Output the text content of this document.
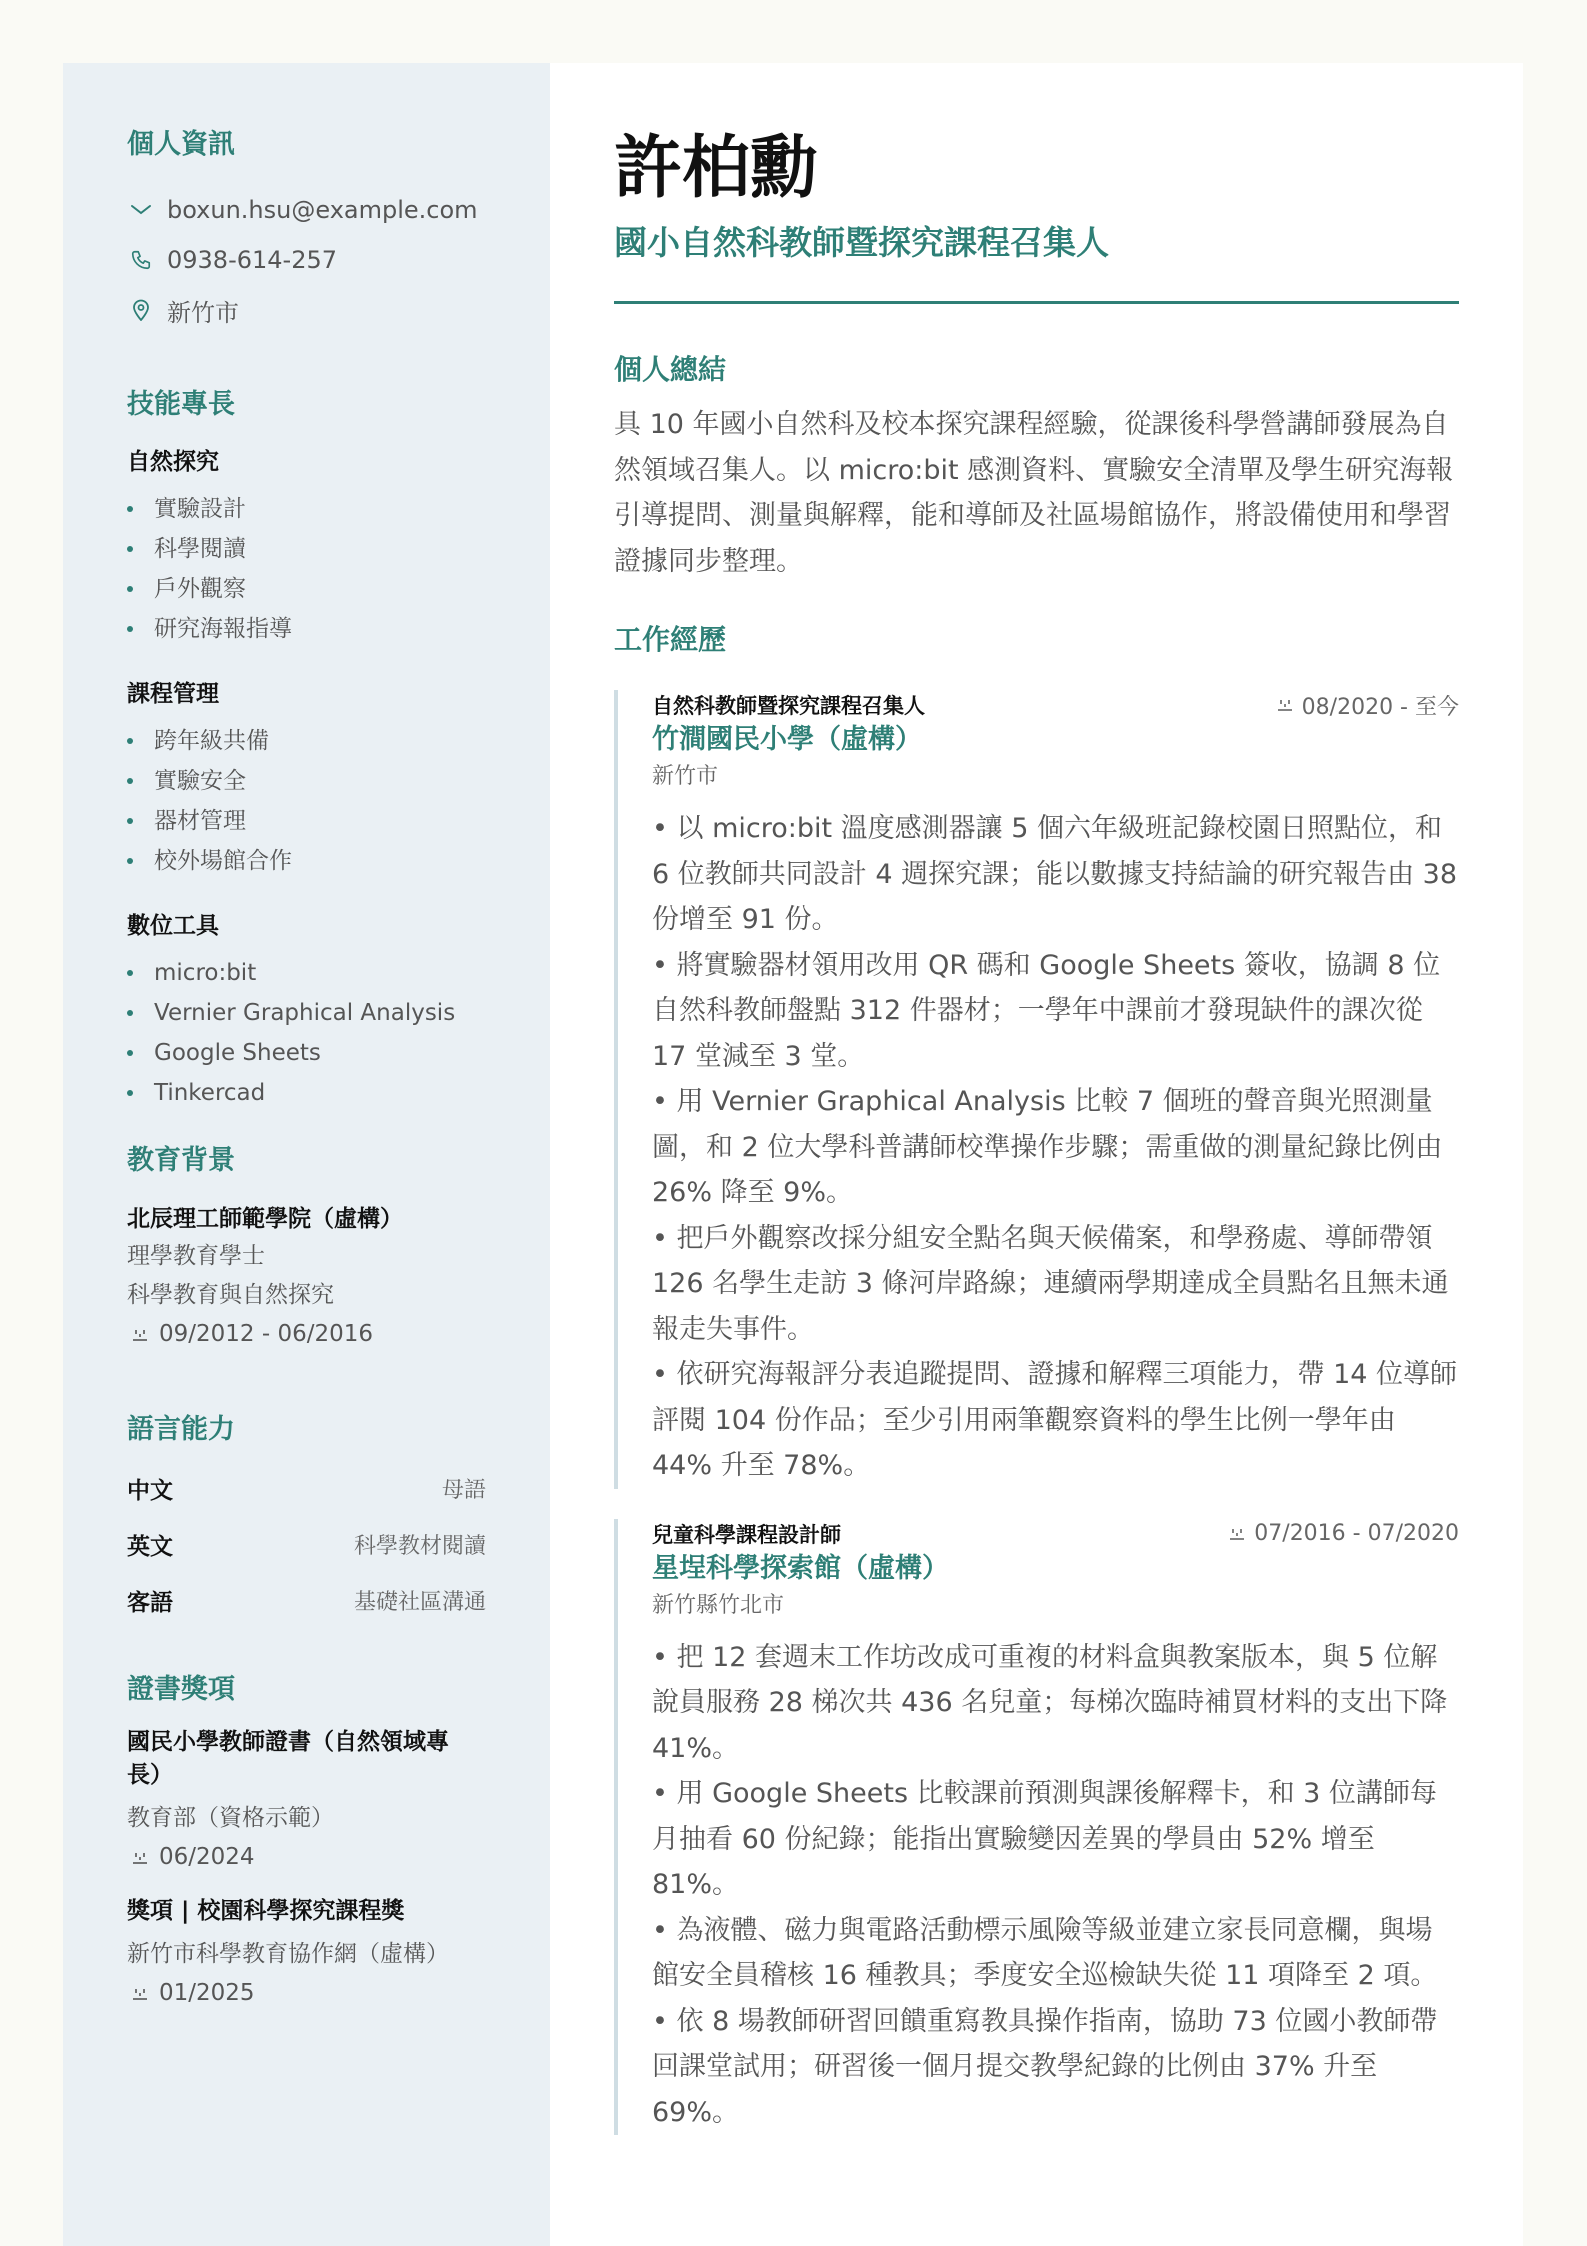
個人資訊
boxun.hsu@example.com
0938-614-257
新竹市
技能專長
自然探究
實驗設計
科學閱讀
戶外觀察
研究海報指導
課程管理
跨年級共備
實驗安全
器材管理
校外場館合作
數位工具
micro:bit
Vernier Graphical Analysis
Google Sheets
Tinkercad
教育背景
北辰理工師範學院（虛構）
理學教育學士
科學教育與自然探究
09/2012 - 06/2016
語言能力
中文	母語
英文	科學教材閱讀
客語	基礎社區溝通
證書獎項
國民小學教師證書（自然領域專長）
教育部（資格示範）
06/2024
獎項 | 校園科學探究課程獎
新竹市科學教育協作網（虛構）
01/2025
許柏勳
國小自然科教師暨探究課程召集人
個人總結
具 10 年國小自然科及校本探究課程經驗，從課後科學營講師發展為自然領域召集人。以 micro:bit 感測資料、實驗安全清單及學生研究海報引導提問、測量與解釋，能和導師及社區場館協作，將設備使用和學習證據同步整理。
工作經歷
自然科教師暨探究課程召集人	08/2020 - 至今
竹澗國民小學（虛構）
新竹市
• 以 micro:bit 溫度感測器讓 5 個六年級班記錄校園日照點位，和 6 位教師共同設計 4 週探究課；能以數據支持結論的研究報告由 38 份增至 91 份。
• 將實驗器材領用改用 QR 碼和 Google Sheets 簽收，協調 8 位自然科教師盤點 312 件器材；一學年中課前才發現缺件的課次從 17 堂減至 3 堂。
• 用 Vernier Graphical Analysis 比較 7 個班的聲音與光照測量圖，和 2 位大學科普講師校準操作步驟；需重做的測量紀錄比例由 26% 降至 9%。
• 把戶外觀察改採分組安全點名與天候備案，和學務處、導師帶領 126 名學生走訪 3 條河岸路線；連續兩學期達成全員點名且無未通報走失事件。
• 依研究海報評分表追蹤提問、證據和解釋三項能力，帶 14 位導師評閱 104 份作品；至少引用兩筆觀察資料的學生比例一學年由 44% 升至 78%。
兒童科學課程設計師	07/2016 - 07/2020
星埕科學探索館（虛構）
新竹縣竹北市
• 把 12 套週末工作坊改成可重複的材料盒與教案版本，與 5 位解說員服務 28 梯次共 436 名兒童；每梯次臨時補買材料的支出下降 41%。
• 用 Google Sheets 比較課前預測與課後解釋卡，和 3 位講師每月抽看 60 份紀錄；能指出實驗變因差異的學員由 52% 增至 81%。
• 為液體、磁力與電路活動標示風險等級並建立家長同意欄，與場館安全員稽核 16 種教具；季度安全巡檢缺失從 11 項降至 2 項。
• 依 8 場教師研習回饋重寫教具操作指南，協助 73 位國小教師帶回課堂試用；研習後一個月提交教學紀錄的比例由 37% 升至 69%。
